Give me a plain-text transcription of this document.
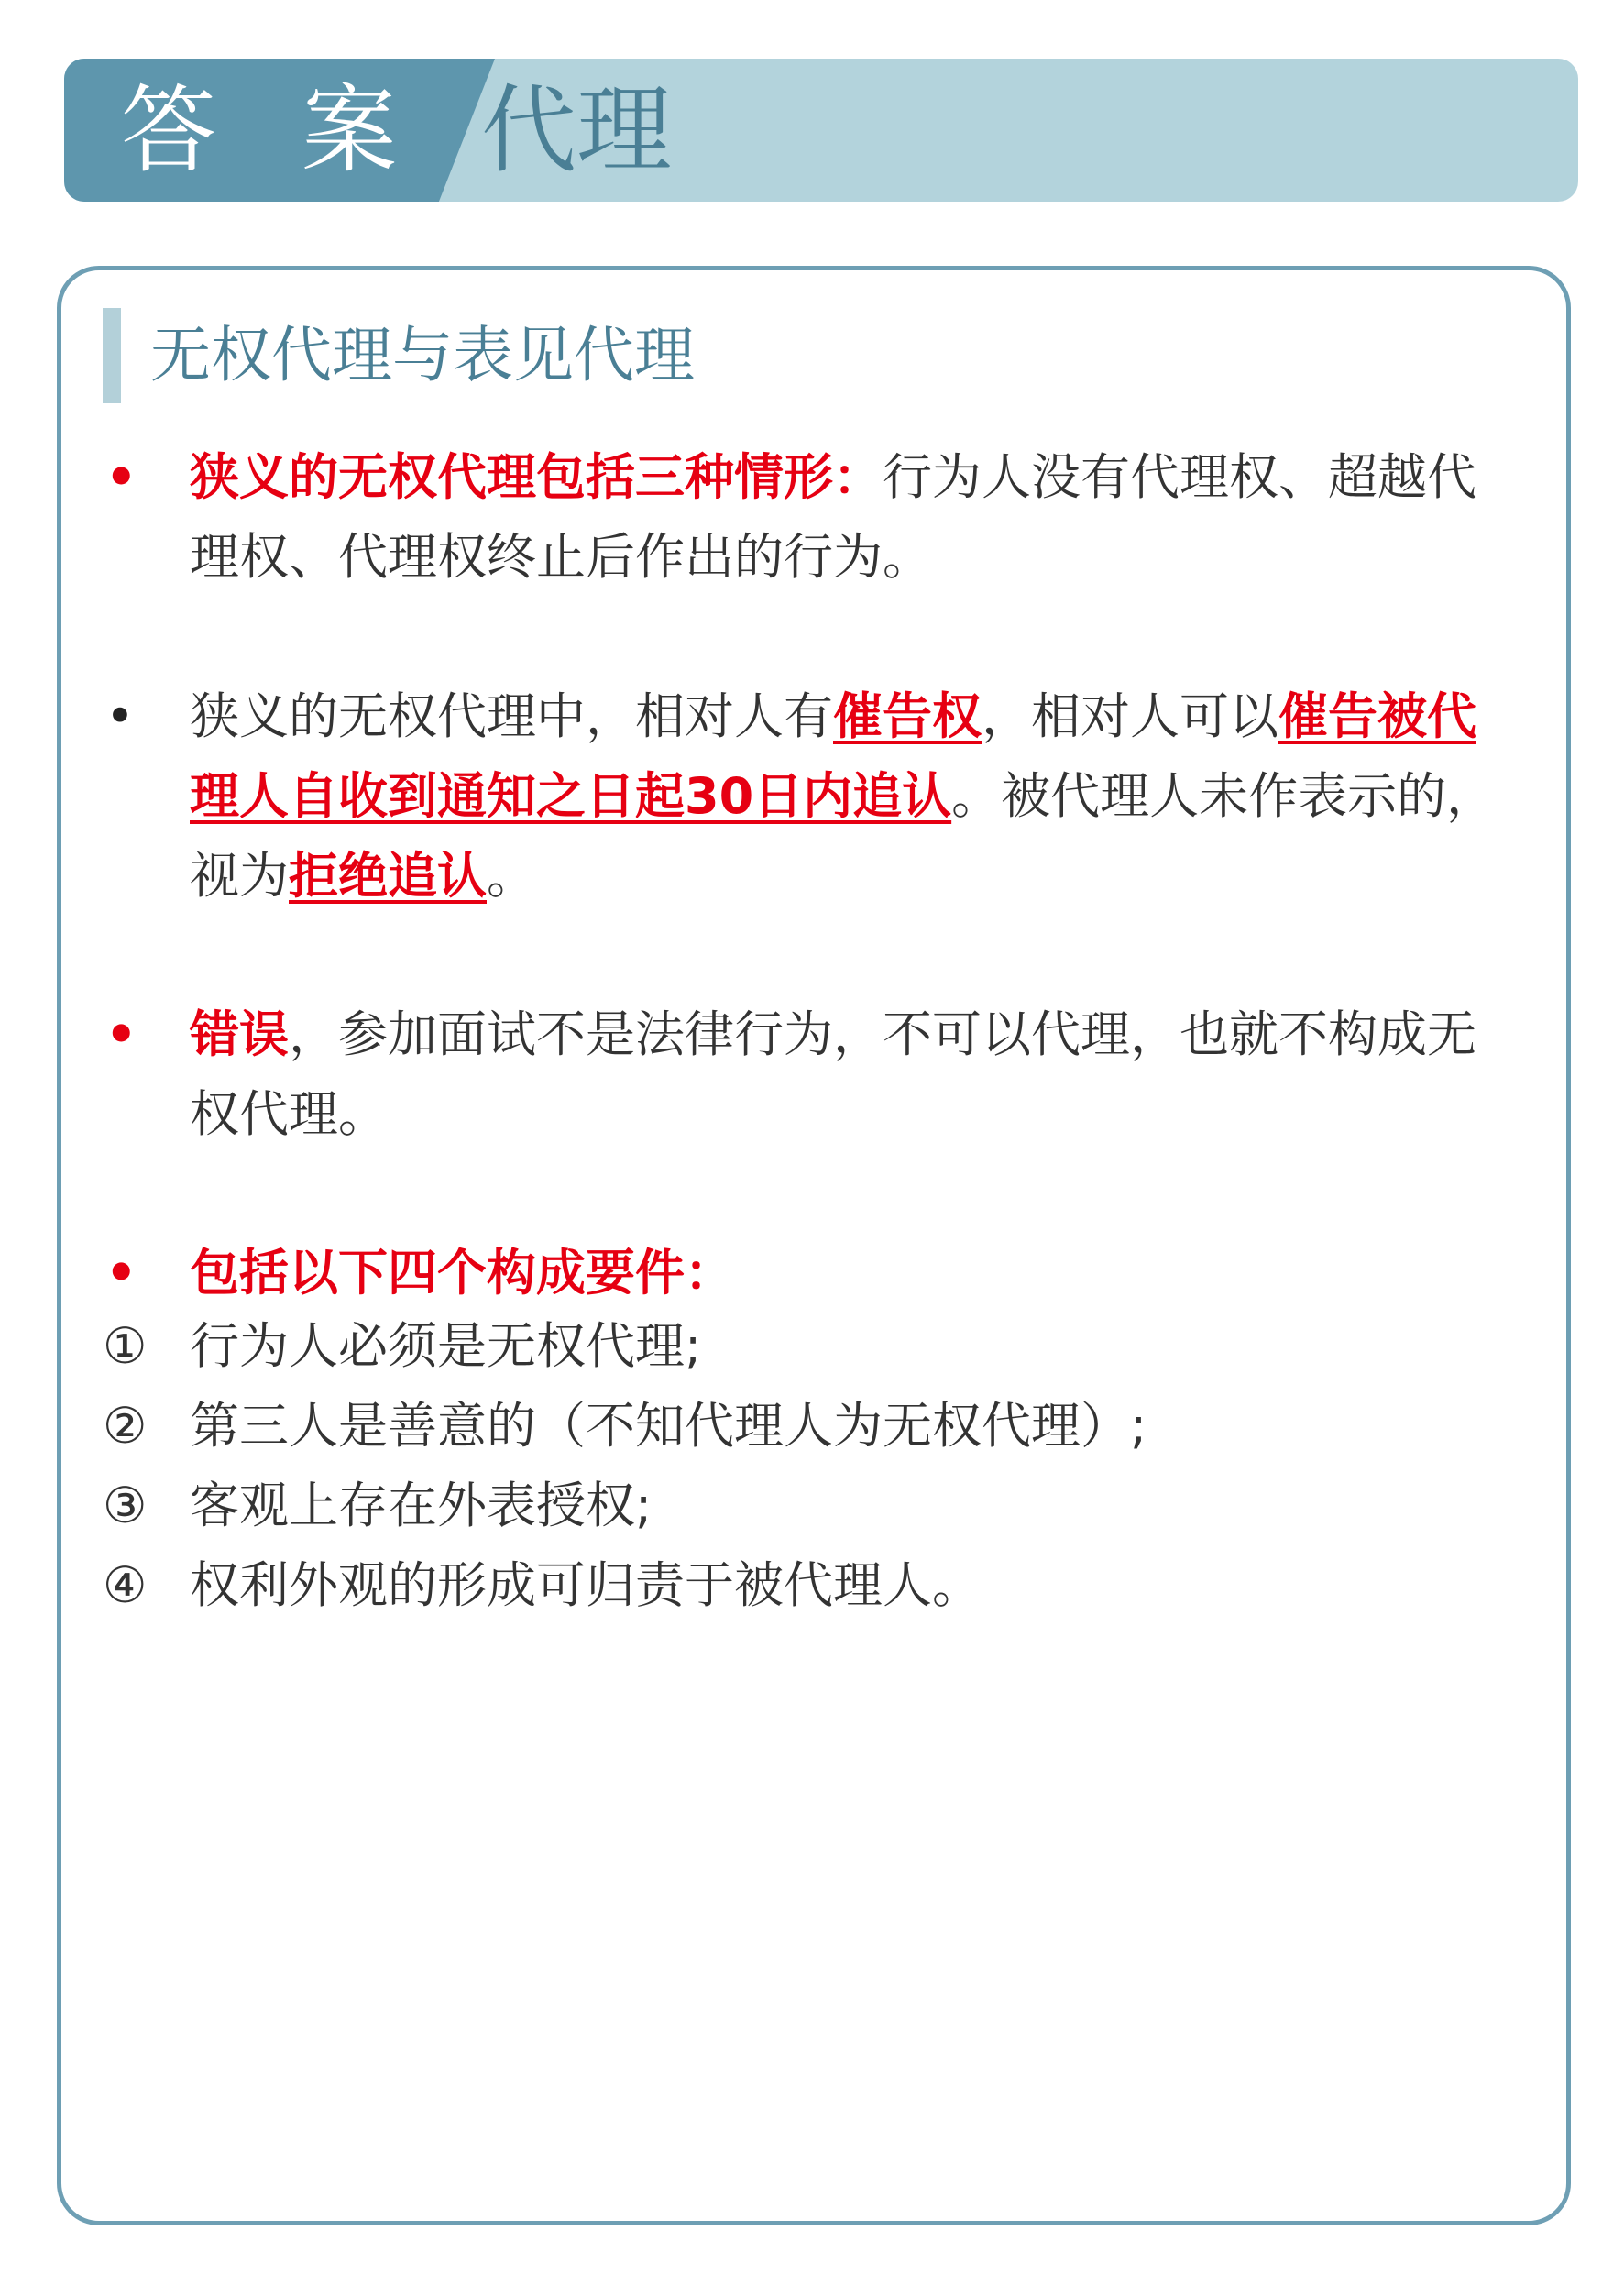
答 案 代理
无权代理与表见代理
•	狭义的无权代理包括三种情形：行为人没有代理权、超越代理权、代理权终止后作出的行为。
•	狭义的无权代理中，相对人有催告权，相对人可以催告被代理人自收到通知之日起30日内追认。被代理人未作表示的，视为拒绝追认。
•	错误，参加面试不是法律行为，不可以代理，也就不构成无权代理。
•	包括以下四个构成要件：
① 行为人必须是无权代理;
② 第三人是善意的（不知代理人为无权代理）;
③ 客观上存在外表授权;
④ 权利外观的形成可归责于被代理人。
